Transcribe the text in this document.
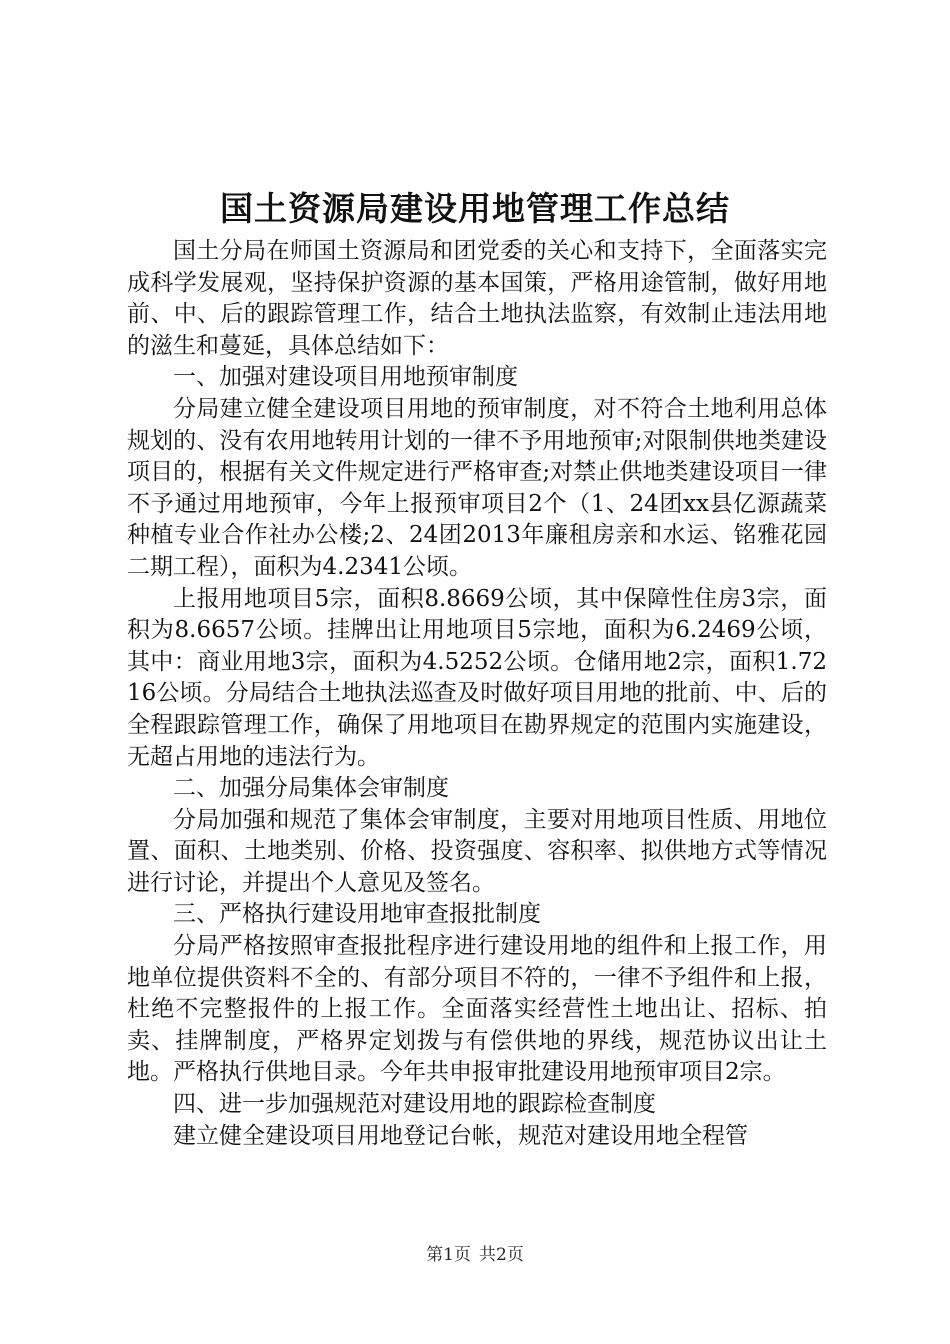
国土资源局建设用地管理工作总结

国土分局在师国土资源局和团党委的关心和支持下，全面落实完成科学发展观，坚持保护资源的基本国策，严格用途管制，做好用地前、中、后的跟踪管理工作，结合土地执法监察，有效制止违法用地的滋生和蔓延，具体总结如下：

一、加强对建设项目用地预审制度

分局建立健全建设项目用地的预审制度，对不符合土地利用总体规划的、没有农用地转用计划的一律不予用地预审;对限制供地类建设项目的，根据有关文件规定进行严格审查;对禁止供地类建设项目一律不予通过用地预审，今年上报预审项目2个（1、24团xx县亿源蔬菜种植专业合作社办公楼;2、24团2013年廉租房亲和水运、铭雅花园二期工程），面积为4.2341公顷。

上报用地项目5宗，面积8.8669公顷，其中保障性住房3宗，面积为8.6657公顷。挂牌出让用地项目5宗地，面积为6.2469公顷，其中：商业用地3宗，面积为4.5252公顷。仓储用地2宗，面积1.7216公顷。分局结合土地执法巡查及时做好项目用地的批前、中、后的全程跟踪管理工作，确保了用地项目在勘界规定的范围内实施建设，无超占用地的违法行为。

二、加强分局集体会审制度

分局加强和规范了集体会审制度，主要对用地项目性质、用地位置、面积、土地类别、价格、投资强度、容积率、拟供地方式等情况进行讨论，并提出个人意见及签名。

三、严格执行建设用地审查报批制度

分局严格按照审查报批程序进行建设用地的组件和上报工作，用地单位提供资料不全的、有部分项目不符的，一律不予组件和上报，杜绝不完整报件的上报工作。全面落实经营性土地出让、招标、拍卖、挂牌制度，严格界定划拨与有偿供地的界线，规范协议出让土地。严格执行供地目录。今年共申报审批建设用地预审项目2宗。

四、进一步加强规范对建设用地的跟踪检查制度

建立健全建设项目用地登记台帐，规范对建设用地全程管

第1页 共2页
